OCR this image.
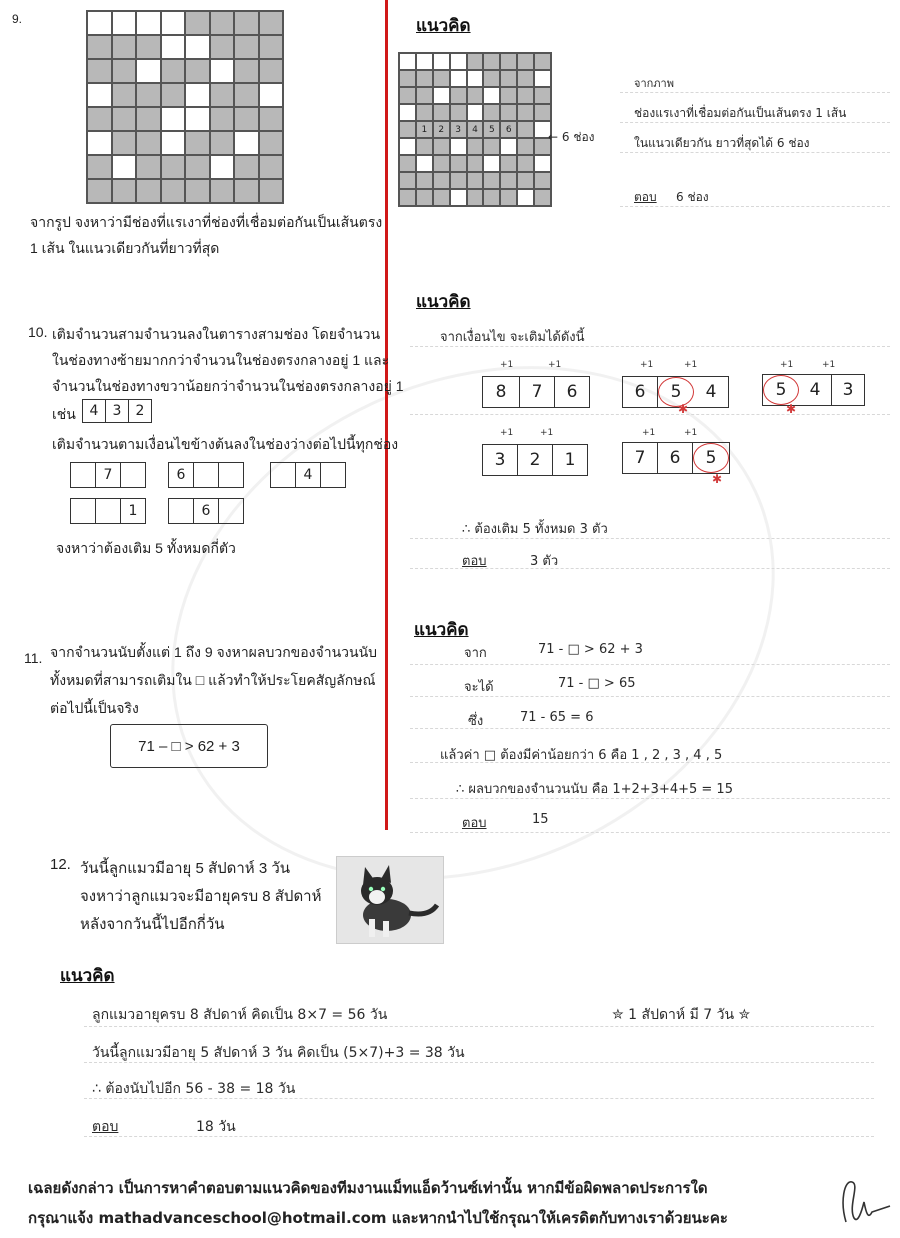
9.
จากรูป จงหาว่ามีช่องที่แรเงาที่ช่องที่เชื่อมต่อกันเป็นเส้นตรง
1 เส้น ในแนวเดียวกันที่ยาวที่สุด
แนวคิด
1	2	3	4	5	6
← 6 ช่อง
จากภาพ
ช่องแรเงาที่เชื่อมต่อกันเป็นเส้นตรง 1 เส้น
ในแนวเดียวกัน ยาวที่สุดได้ 6 ช่อง
ตอบ 6 ช่อง
10. เติมจำนวนสามจำนวนลงในตารางสามช่อง โดยจำนวน
ในช่องทางซ้ายมากกว่าจำนวนในช่องตรงกลางอยู่ 1 และ
จำนวนในช่องทางขวาน้อยกว่าจำนวนในช่องตรงกลางอยู่ 1
เช่น 4	3	2
เติมจำนวนตามเงื่อนไขข้างต้นลงในช่องว่างต่อไปนี้ทุกช่อง
7	6	4
1	6
จงหาว่าต้องเติม 5 ทั้งหมดกี่ตัว
แนวคิด
จากเงื่อนไข จะเติมได้ดังนี้
+1	+1
8	7	6
+1	+1
6	5	4
✱
+1	+1
5	4	3
✱
+1	+1
3	2	1
+1	+1
7	6	5
✱
∴ ต้องเติม 5 ทั้งหมด 3 ตัว
ตอบ	3 ตัว
11. จากจำนวนนับตั้งแต่ 1 ถึง 9 จงหาผลบวกของจำนวนนับ
ทั้งหมดที่สามารถเติมใน □ แล้วทำให้ประโยคสัญลักษณ์
ต่อไปนี้เป็นจริง
71 – □ > 62 + 3
แนวคิด
จาก	71 - □ > 62 + 3
จะได้	71 - □ > 65
ซึ่ง	71 - 65 = 6
แล้วค่า □ ต้องมีค่าน้อยกว่า 6 คือ 1 , 2 , 3 , 4 , 5
∴ ผลบวกของจำนวนนับ คือ 1+2+3+4+5 = 15
ตอบ	15
12. วันนี้ลูกแมวมีอายุ 5 สัปดาห์ 3 วัน
จงหาว่าลูกแมวจะมีอายุครบ 8 สัปดาห์
หลังจากวันนี้ไปอีกกี่วัน
แนวคิด
ลูกแมวอายุครบ 8 สัปดาห์ คิดเป็น 8×7 = 56 วัน	✮ 1 สัปดาห์ มี 7 วัน ✮
วันนี้ลูกแมวมีอายุ 5 สัปดาห์ 3 วัน คิดเป็น (5×7)+3 = 38 วัน
∴ ต้องนับไปอีก 56 - 38 = 18 วัน
ตอบ	18 วัน
เฉลยดังกล่าว เป็นการหาคำตอบตามแนวคิดของทีมงานแม็ทแอ็ดว้านซ์เท่านั้น หากมีข้อผิดพลาดประการใด
กรุณาแจ้ง mathadvanceschool@hotmail.com และหากนำไปใช้กรุณาให้เครดิตกับทางเราด้วยนะคะ
